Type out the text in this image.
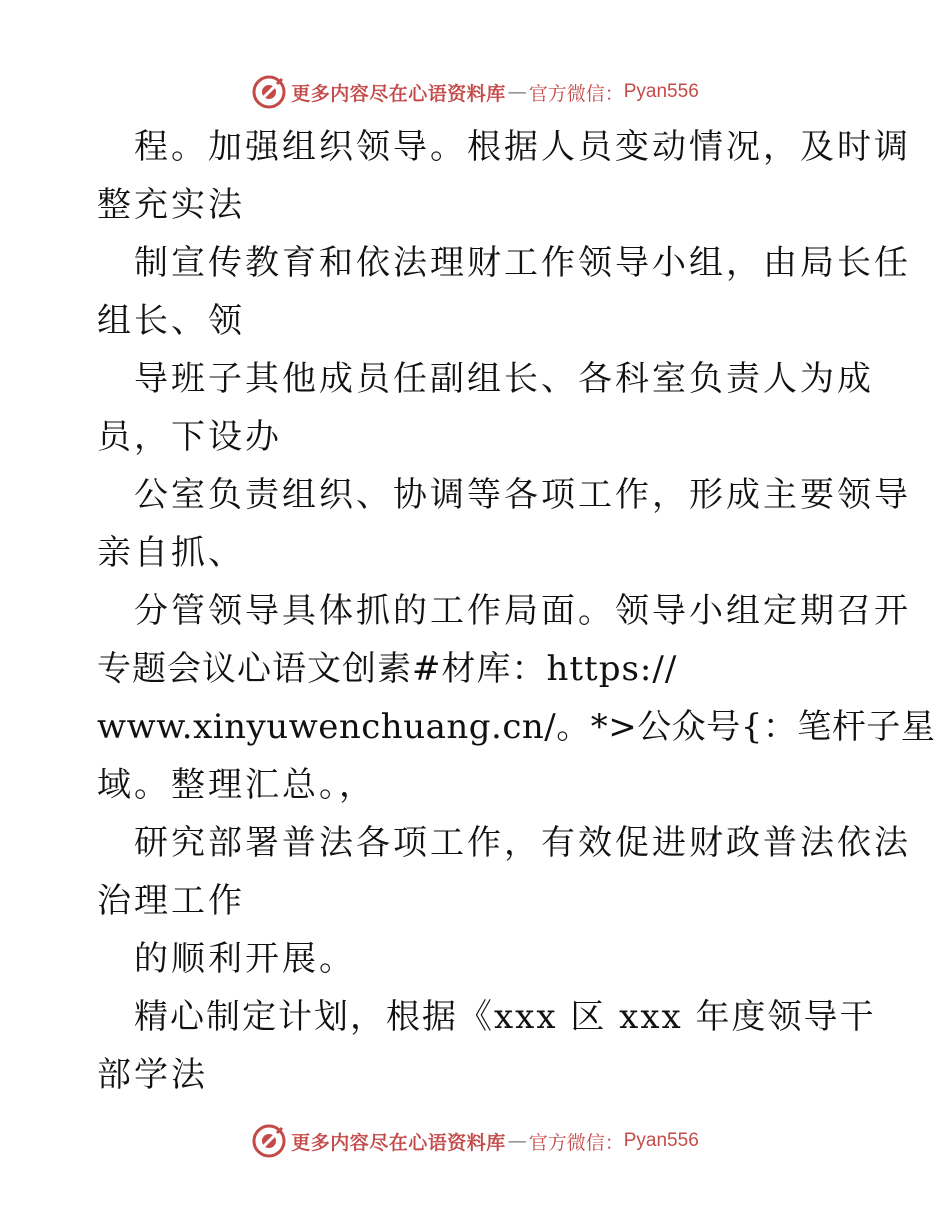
更多内容尽在心语资料库 — 官方微信： Pyan556
程。加强组织领导。根据人员变动情况，及时调
整充实法
制宣传教育和依法理财工作领导小组，由局长任
组长、领
导班子其他成员任副组长、各科室负责人为成
员，下设办
公室负责组织、协调等各项工作，形成主要领导
亲自抓、
分管领导具体抓的工作局面。领导小组定期召开
专题会议心语文创素#材库：https://
www.xinyuwenchuang.cn/。*>公众号{：笔杆子星
域。整理汇总。，
研究部署普法各项工作，有效促进财政普法依法
治理工作
的顺利开展。
精心制定计划，根据《xxx 区 xxx 年度领导干
部学法
更多内容尽在心语资料库 — 官方微信： Pyan556
